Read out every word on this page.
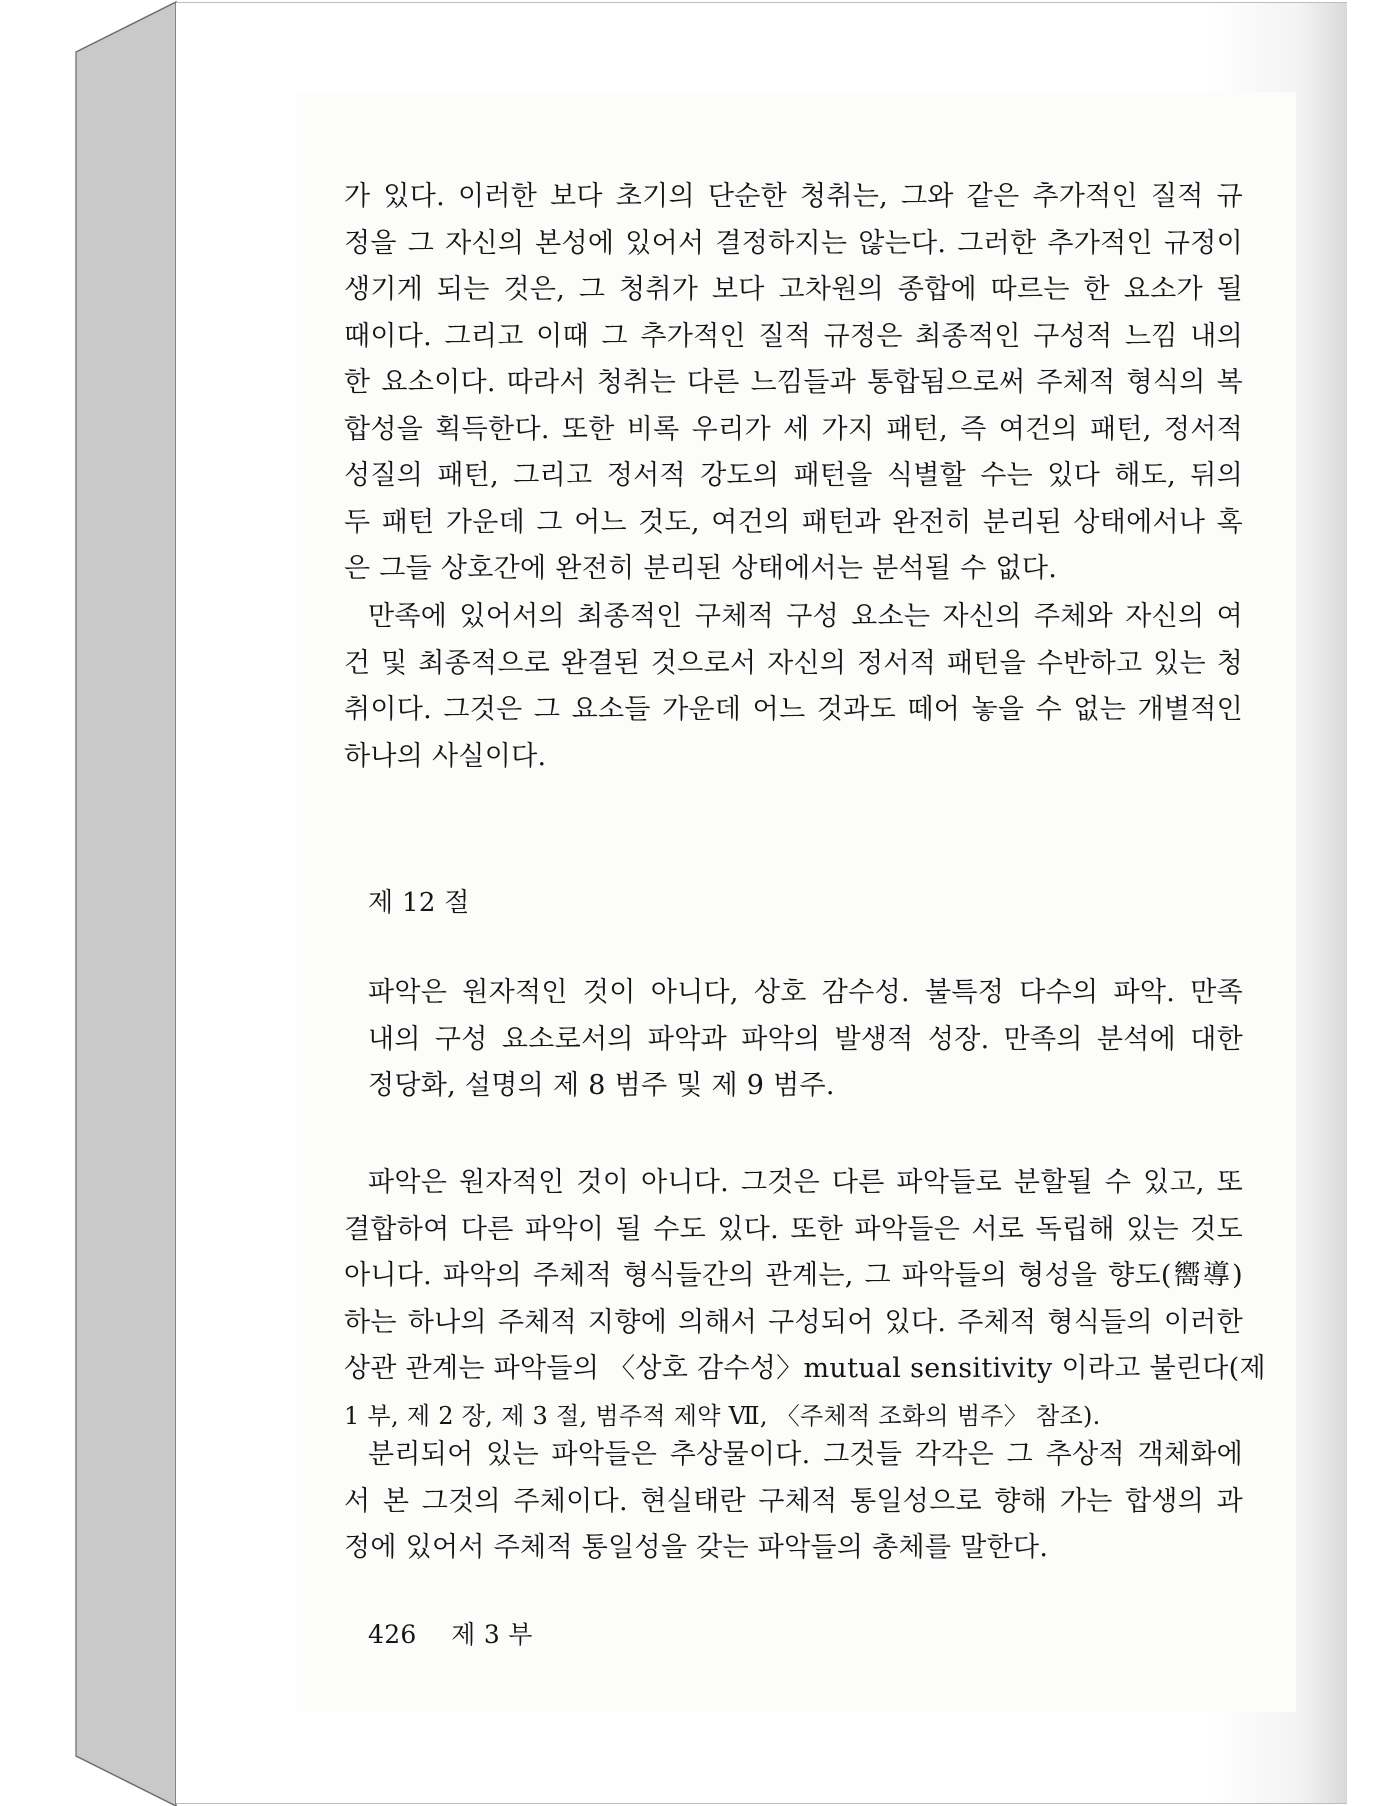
가 있다. 이러한 보다 초기의 단순한 청취는, 그와 같은 추가적인 질적 규
정을 그 자신의 본성에 있어서 결정하지는 않는다. 그러한 추가적인 규정이
생기게 되는 것은, 그 청취가 보다 고차원의 종합에 따르는 한 요소가 될
때이다. 그리고 이때 그 추가적인 질적 규정은 최종적인 구성적 느낌 내의
한 요소이다. 따라서 청취는 다른 느낌들과 통합됨으로써 주체적 형식의 복
합성을 획득한다. 또한 비록 우리가 세 가지 패턴, 즉 여건의 패턴, 정서적
성질의 패턴, 그리고 정서적 강도의 패턴을 식별할 수는 있다 해도, 뒤의
두 패턴 가운데 그 어느 것도, 여건의 패턴과 완전히 분리된 상태에서나 혹
은 그들 상호간에 완전히 분리된 상태에서는 분석될 수 없다.
만족에 있어서의 최종적인 구체적 구성 요소는 자신의 주체와 자신의 여
건 및 최종적으로 완결된 것으로서 자신의 정서적 패턴을 수반하고 있는 청
취이다. 그것은 그 요소들 가운데 어느 것과도 떼어 놓을 수 없는 개별적인
하나의 사실이다.
제 12 절
파악은 원자적인 것이 아니다, 상호 감수성. 불특정 다수의 파악. 만족
내의 구성 요소로서의 파악과 파악의 발생적 성장. 만족의 분석에 대한
정당화, 설명의 제 8 범주 및 제 9 범주.
파악은 원자적인 것이 아니다. 그것은 다른 파악들로 분할될 수 있고, 또
결합하여 다른 파악이 될 수도 있다. 또한 파악들은 서로 독립해 있는 것도
아니다. 파악의 주체적 형식들간의 관계는, 그 파악들의 형성을 향도(嚮導)
하는 하나의 주체적 지향에 의해서 구성되어 있다. 주체적 형식들의 이러한
상관 관계는 파악들의 〈상호 감수성〉mutual sensitivity 이라고 불린다(제
1 부, 제 2 장, 제 3 절, 범주적 제약 Ⅶ, 〈주체적 조화의 범주〉 참조).
분리되어 있는 파악들은 추상물이다. 그것들 각각은 그 추상적 객체화에
서 본 그것의 주체이다. 현실태란 구체적 통일성으로 향해 가는 합생의 과
정에 있어서 주체적 통일성을 갖는 파악들의 총체를 말한다.
426 제 3 부
